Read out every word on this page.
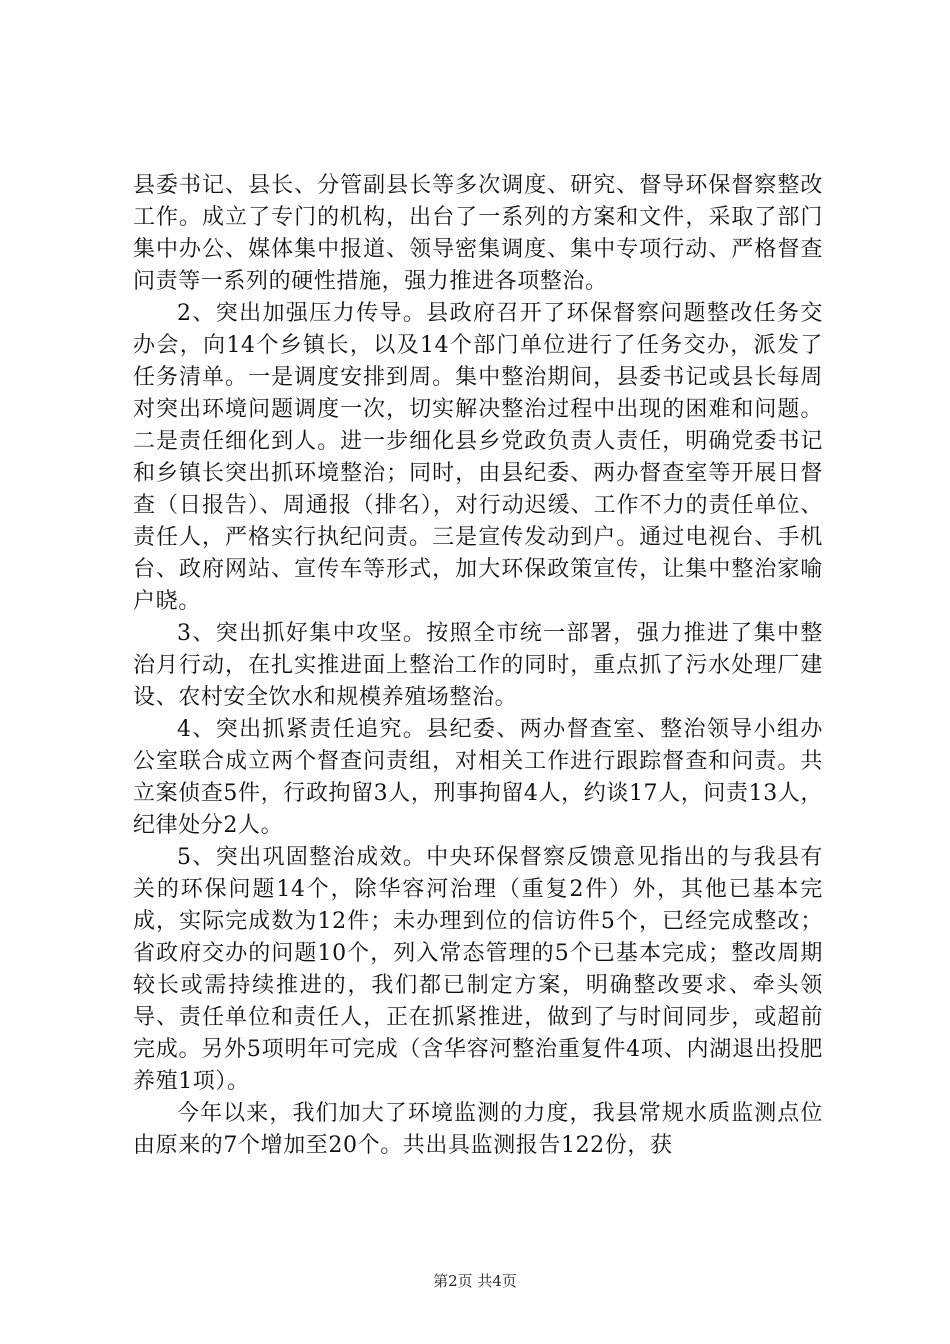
县委书记、县长、分管副县长等多次调度、研究、督导环保督察整改工作。成立了专门的机构，出台了一系列的方案和文件，采取了部门集中办公、媒体集中报道、领导密集调度、集中专项行动、严格督查问责等一系列的硬性措施，强力推进各项整治。

2、突出加强压力传导。县政府召开了环保督察问题整改任务交办会，向14个乡镇长，以及14个部门单位进行了任务交办，派发了任务清单。一是调度安排到周。集中整治期间，县委书记或县长每周对突出环境问题调度一次，切实解决整治过程中出现的困难和问题。二是责任细化到人。进一步细化县乡党政负责人责任，明确党委书记和乡镇长突出抓环境整治；同时，由县纪委、两办督查室等开展日督查（日报告）、周通报（排名），对行动迟缓、工作不力的责任单位、责任人，严格实行执纪问责。三是宣传发动到户。通过电视台、手机台、政府网站、宣传车等形式，加大环保政策宣传，让集中整治家喻户晓。

3、突出抓好集中攻坚。按照全市统一部署，强力推进了集中整治月行动，在扎实推进面上整治工作的同时，重点抓了污水处理厂建设、农村安全饮水和规模养殖场整治。

4、突出抓紧责任追究。县纪委、两办督查室、整治领导小组办公室联合成立两个督查问责组，对相关工作进行跟踪督查和问责。共立案侦查5件，行政拘留3人，刑事拘留4人，约谈17人，问责13人，纪律处分2人。

5、突出巩固整治成效。中央环保督察反馈意见指出的与我县有关的环保问题14个，除华容河治理（重复2件）外，其他已基本完成，实际完成数为12件；未办理到位的信访件5个，已经完成整改；省政府交办的问题10个，列入常态管理的5个已基本完成；整改周期较长或需持续推进的，我们都已制定方案，明确整改要求、牵头领导、责任单位和责任人，正在抓紧推进，做到了与时间同步，或超前完成。另外5项明年可完成（含华容河整治重复件4项、内湖退出投肥养殖1项）。

今年以来，我们加大了环境监测的力度，我县常规水质监测点位由原来的7个增加至20个。共出具监测报告122份，获

第2页 共4页
